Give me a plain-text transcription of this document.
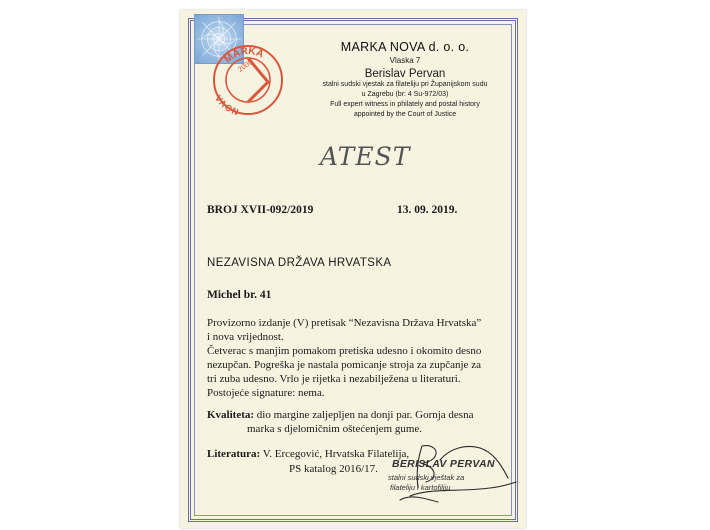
MARKA
NOVA
2000
MARKA NOVA d. o. o.
Vlaska 7
Berislav Pervan
stalni sudski vjestak za filateliju pri Županijskom sudu
u Zagrebu (br: 4 Su-972/03)
Full expert witness in philately and postal history
appointed by the Court of Justice
ATEST
BROJ XVII-092/2019	13. 09. 2019.
NEZAVISNA DRŽAVA HRVATSKA
Michel br. 41

Provizorno izdanje (V) pretisak “Nezavisna Država Hrvatska”

i nova vrijednost.

Četverac s manjim pomakom pretiska udesno i okomito desno

nezupčan. Pogreška je nastala pomicanje stroja za zupčanje za

tri zuba udesno. Vrlo je rijetka i nezabilježena u literaturi.

Postojeće signature: nema.

Kvaliteta: dio margine zaljepljen na donji par. Gornja desna
marka s djelomičnim oštećenjem gume.
Literatura: V. Ercegović, Hrvatska Filatelija,
PS katalog 2016/17.	BERISLAV PERVAN
stalni sudski vještak za
filateliju i kartofiliju
